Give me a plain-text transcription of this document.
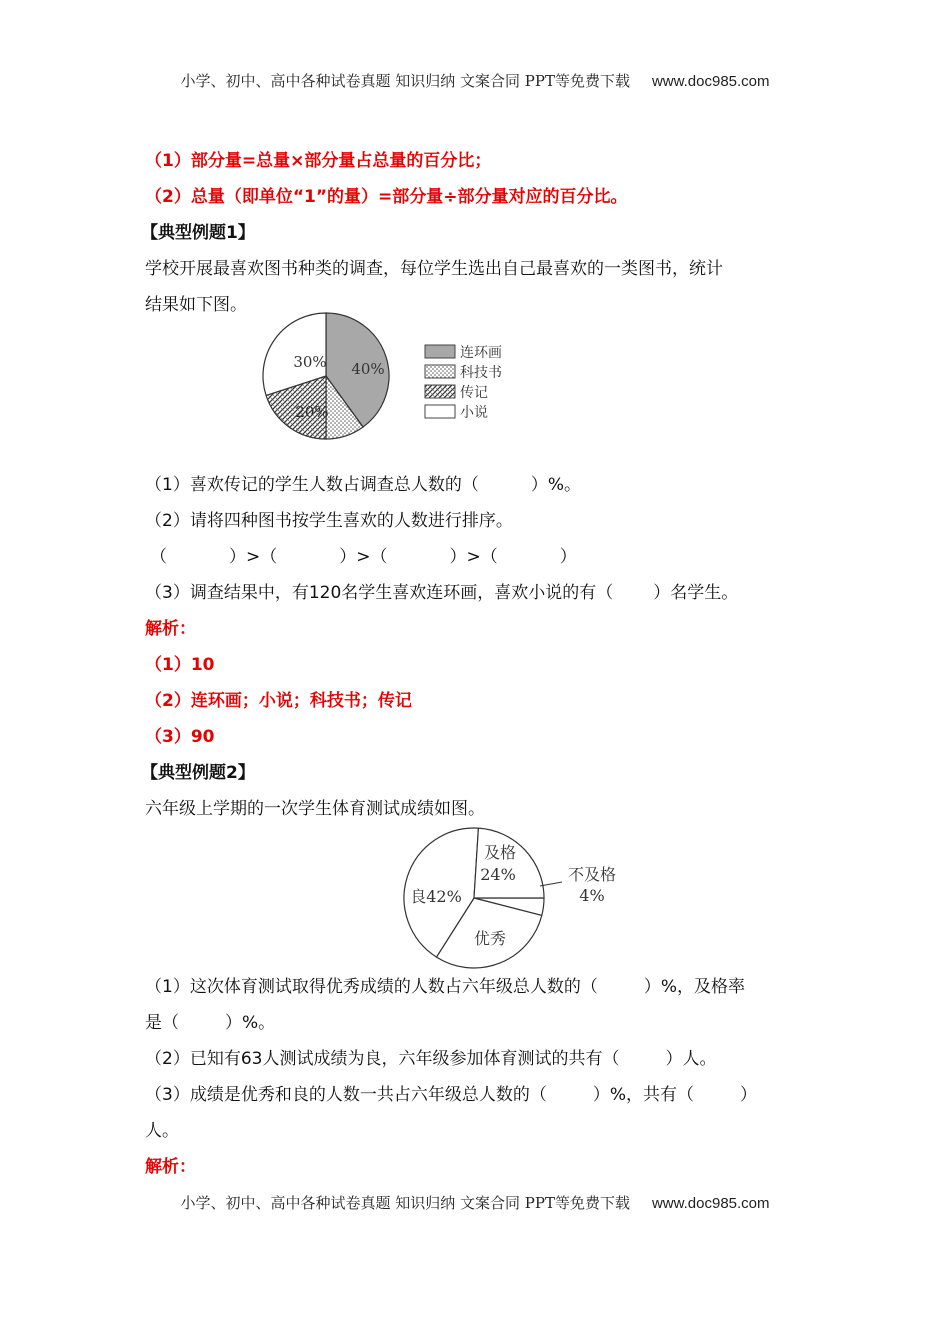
小学、初中、高中各种试卷真题 知识归纳 文案合同 PPT等免费下载 www.doc985.com
（1）部分量=总量×部分量占总量的百分比；
（2）总量（即单位“1”的量）=部分量÷部分量对应的百分比。
【典型例题1】
学校开展最喜欢图书种类的调查，每位学生选出自己最喜欢的一类图书，统计
结果如下图。
40%
20%
30%	连环画
科技书
传记
小说
（1）喜欢传记的学生人数占调查总人数的（	）%。
（2）请将四种图书按学生喜欢的人数进行排序。
（	）>（	）>（	）>（	）
（3）调查结果中，有120名学生喜欢连环画，喜欢小说的有（ ）名学生。
解析：
（1）10
（2）连环画；小说；科技书；传记
（3）90
【典型例题2】
六年级上学期的一次学生体育测试成绩如图。
及格
24%
良42%
优秀
不及格
4%
（1）这次体育测试取得优秀成绩的人数占六年级总人数的（	）%，及格率
是（	）%。
（2）已知有63人测试成绩为良，六年级参加体育测试的共有（	）人。
（3）成绩是优秀和良的人数一共占六年级总人数的（	）%，共有（	）
人。
解析：
小学、初中、高中各种试卷真题 知识归纳 文案合同 PPT等免费下载 www.doc985.com
